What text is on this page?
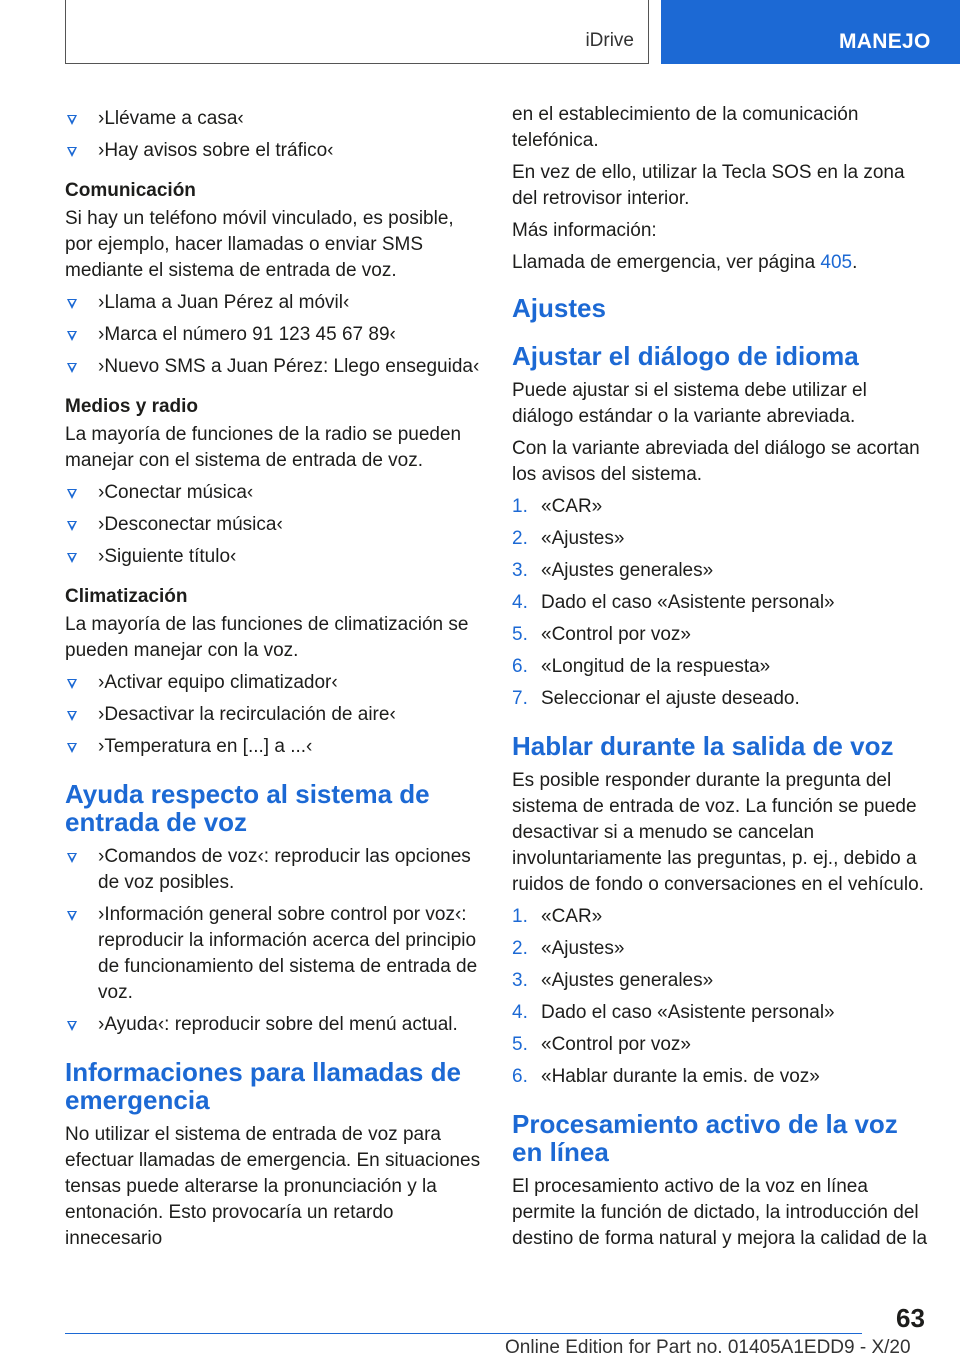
iDrive	MANEJO
›Llévame a casa‹
›Hay avisos sobre el tráfico‹
Comunicación

Si hay un teléfono móvil vinculado, es posible, por ejemplo, hacer llamadas o enviar SMS mediante el sistema de entrada de voz.

›Llama a Juan Pérez al móvil‹
›Marca el número 91 123 45 67 89‹
›Nuevo SMS a Juan Pérez: Llego enseguida‹
Medios y radio

La mayoría de funciones de la radio se pueden manejar con el sistema de entrada de voz.

›Conectar música‹
›Desconectar música‹
›Siguiente título‹
Climatización

La mayoría de las funciones de climatización se pueden manejar con la voz.

›Activar equipo climatizador‹
›Desactivar la recirculación de aire‹
›Temperatura en [...] a ...‹
Ayuda respecto al sistema de entrada de voz
›Comandos de voz‹: reproducir las opciones de voz posibles.
›Información general sobre control por voz‹: reproducir la información acerca del principio de funcionamiento del sistema de entrada de voz.
›Ayuda‹: reproducir sobre del menú actual.
Informaciones para llamadas de emergencia

No utilizar el sistema de entrada de voz para efectuar llamadas de emergencia. En situaciones tensas puede alterarse la pronunciación y la entonación. Esto provocaría un retardo innecesario

en el establecimiento de la comunicación telefónica.

En vez de ello, utilizar la Tecla SOS en la zona del retrovisor interior.

Más información:

Llamada de emergencia, ver página 405.

Ajustes
Ajustar el diálogo de idioma

Puede ajustar si el sistema debe utilizar el diálogo estándar o la variante abreviada.

Con la variante abreviada del diálogo se acortan los avisos del sistema.

1. «CAR»
2. «Ajustes»
3. «Ajustes generales»
4. Dado el caso «Asistente personal»
5. «Control por voz»
6. «Longitud de la respuesta»
7. Seleccionar el ajuste deseado.
Hablar durante la salida de voz

Es posible responder durante la pregunta del sistema de entrada de voz. La función se puede desactivar si a menudo se cancelan involuntariamente las preguntas, p. ej., debido a ruidos de fondo o conversaciones en el vehículo.

1. «CAR»
2. «Ajustes»
3. «Ajustes generales»
4. Dado el caso «Asistente personal»
5. «Control por voz»
6. «Hablar durante la emis. de voz»
Procesamiento activo de la voz en línea

El procesamiento activo de la voz en línea permite la función de dictado, la introducción del destino de forma natural y mejora la calidad de la

63
Online Edition for Part no. 01405A1EDD9 - X/20
